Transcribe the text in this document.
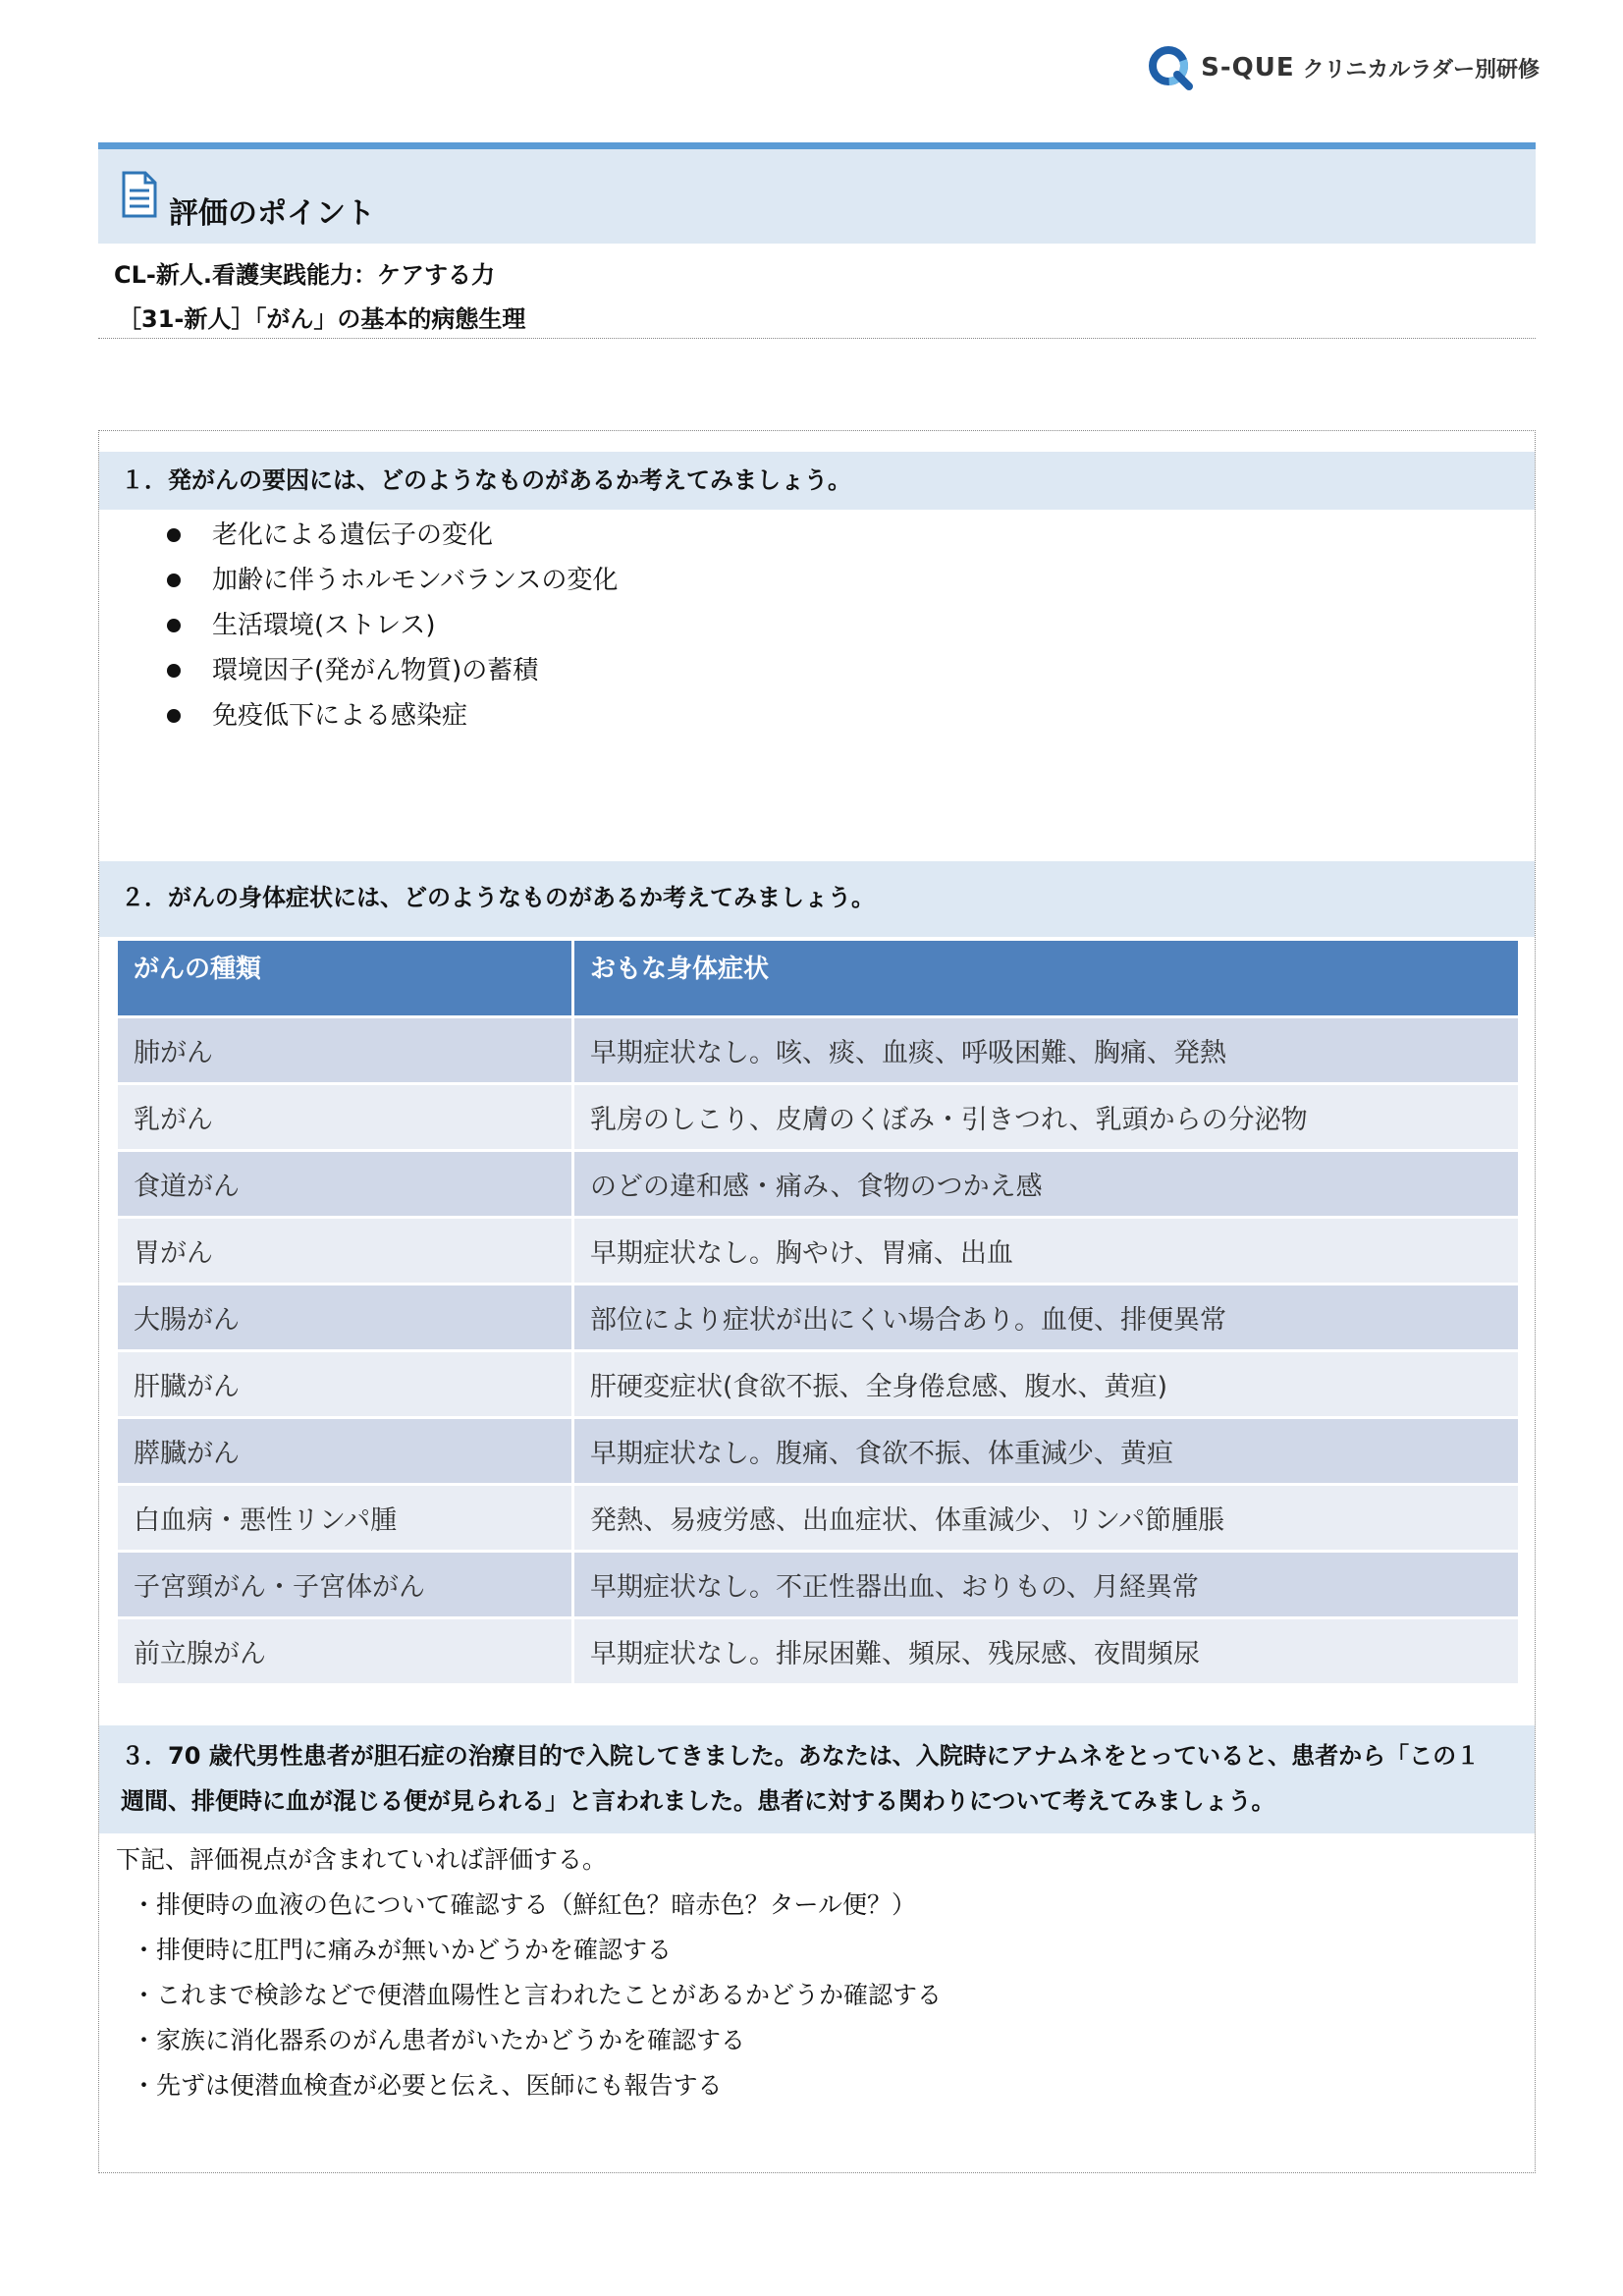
S-QUE クリニカルラダー別研修
評価のポイント
CL-新人.看護実践能力：ケアする力
［31-新人］「がん」の基本的病態生理
１．発がんの要因には、どのようなものがあるか考えてみましょう。
老化による遺伝子の変化
加齢に伴うホルモンバランスの変化
生活環境(ストレス)
環境因子(発がん物質)の蓄積
免疫低下による感染症
２．がんの身体症状には、どのようなものがあるか考えてみましょう。
がんの種類	おもな身体症状
肺がん	早期症状なし。咳、痰、血痰、呼吸困難、胸痛、発熱
乳がん	乳房のしこり、皮膚のくぼみ・引きつれ、乳頭からの分泌物
食道がん	のどの違和感・痛み、食物のつかえ感
胃がん	早期症状なし。胸やけ、胃痛、出血
大腸がん	部位により症状が出にくい場合あり。血便、排便異常
肝臓がん	肝硬変症状(食欲不振、全身倦怠感、腹水、黄疸)
膵臓がん	早期症状なし。腹痛、食欲不振、体重減少、黄疸
白血病・悪性リンパ腫	発熱、易疲労感、出血症状、体重減少、リンパ節腫脹
子宮頸がん・子宮体がん	早期症状なし。不正性器出血、おりもの、月経異常
前立腺がん	早期症状なし。排尿困難、頻尿、残尿感、夜間頻尿
３．70 歳代男性患者が胆石症の治療目的で入院してきました。あなたは、入院時にアナムネをとっていると、患者から「この１
週間、排便時に血が混じる便が見られる」と言われました。患者に対する関わりについて考えてみましょう。
下記、評価視点が含まれていれば評価する。
・排便時の血液の色について確認する（鮮紅色？暗赤色？タール便？）
・排便時に肛門に痛みが無いかどうかを確認する
・これまで検診などで便潜血陽性と言われたことがあるかどうか確認する
・家族に消化器系のがん患者がいたかどうかを確認する
・先ずは便潜血検査が必要と伝え、医師にも報告する
